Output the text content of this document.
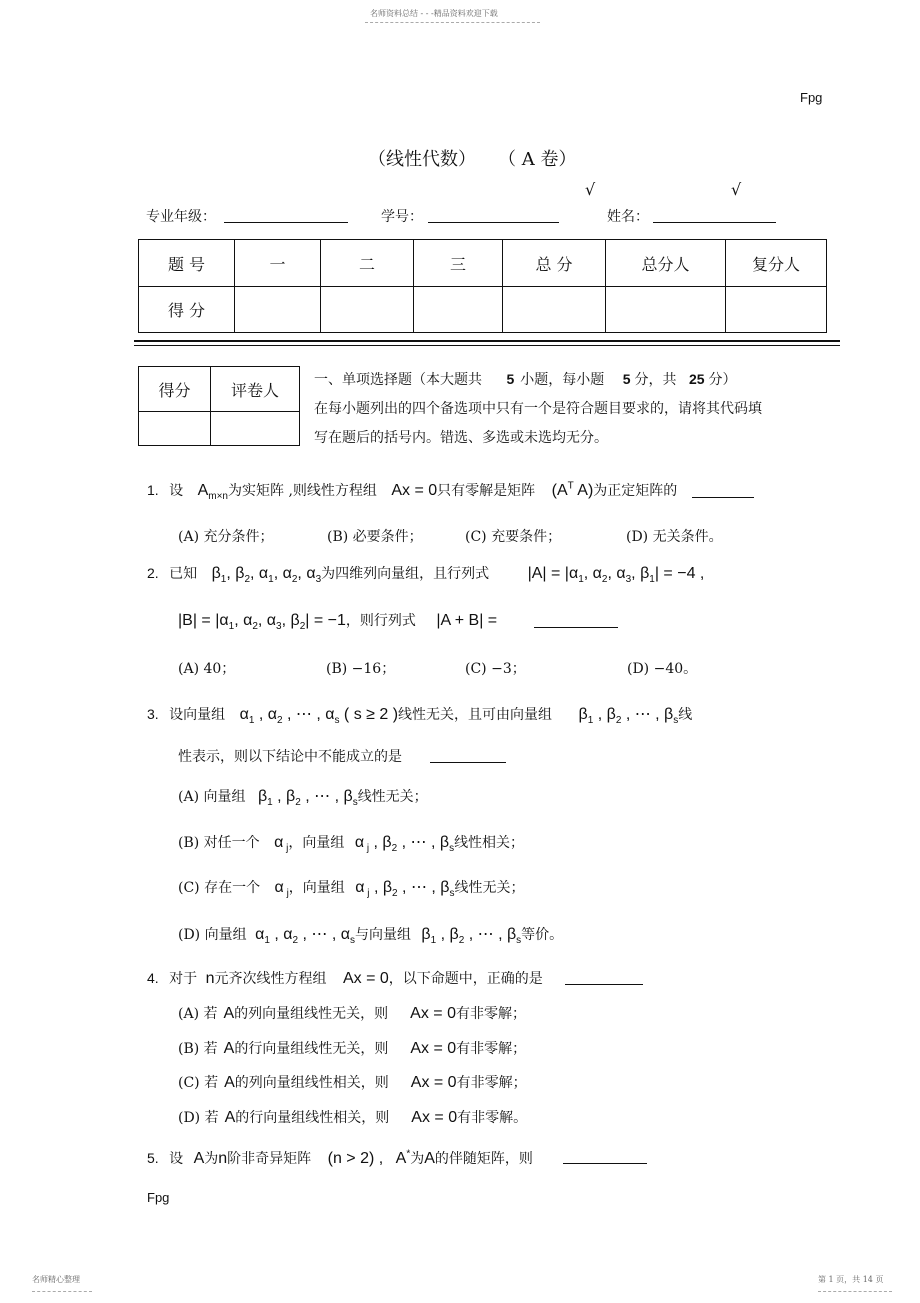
名师资料总结 - - -精品资料欢迎下载
Fpg
（线性代数） （ A 卷）
√	√
专业年级：	学号：	姓名：
题 号	一	二	三	总 分	总分人	复分人
得 分						
得分	评卷人

一、单项选择题（本大题共 5 小题，每小题 5 分，共 25 分）
在每小题列出的四个备选项中只有一个是符合题目要求的，请将其代码填
写在题后的括号内。错选、多选或未选均无分。
1. 设 $A_{m\times n}$为实矩阵 ,则线性方程组 Ax = 0只有零解是矩阵 ($A^T$ A)为正定矩阵的
(A) 充分条件；	(B) 必要条件；	(C) 充要条件；	(D) 无关条件。
2. 已知 $\beta_1$, $\beta_2$, $\alpha_1$, $\alpha_2$, $\alpha_3$为四维列向量组，且行列式 $|A| = |\alpha_1$, $\alpha_2$, $\alpha_3$, $\beta_1| = -4$ ,
$|B| = |\alpha_1$, $\alpha_2$, $\alpha_3$, $\beta_2| = -1$，则行列式 |A + B| =
(A) 40；	(B) −16；	(C) −3；	(D) −40。
3. 设向量组 $\alpha_1$ , $\alpha_2$ , ⋯ , $\alpha_s$ ( s ≥ 2 )线性无关，且可由向量组 $\beta_1$ , $\beta_2$ , ⋯ , $\beta_s$线
性表示，则以下结论中不能成立的是
(A) 向量组 $\beta_1$ , $\beta_2$ , ⋯ , $\beta_s$线性无关；
(B) 对任一个 α $_j$，向量组 α $_j$ , $\beta_2$ , ⋯ , $\beta_s$线性相关；
(C) 存在一个 α $_j$，向量组 α $_j$ , $\beta_2$ , ⋯ , $\beta_s$线性无关；
(D) 向量组 $\alpha_1$ , $\alpha_2$ , ⋯ , $\alpha_s$与向量组 $\beta_1$ , $\beta_2$ , ⋯ , $\beta_s$等价。
4. 对于 n元齐次线性方程组 Ax = 0，以下命题中，正确的是
(A) 若 A的列向量组线性无关，则 Ax = 0有非零解；
(B) 若 A的行向量组线性无关，则 Ax = 0有非零解；
(C) 若 A的列向量组线性相关，则 Ax = 0有非零解；
(D) 若 A的行向量组线性相关，则 Ax = 0有非零解。
5. 设 A为n阶非奇异矩阵 (n > 2) , A*为A的伴随矩阵，则
Fpg
名师精心整理	第 1 页，共 14 页
